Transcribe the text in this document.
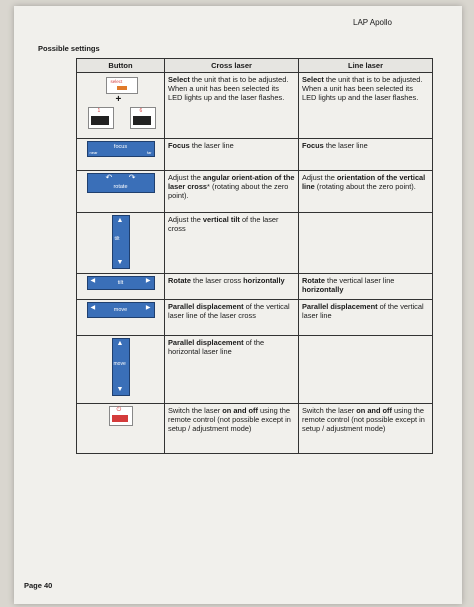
LAP Apollo
Possible settings
Button	Cross laser	Line laser

select
+
1 6	Select the unit that is to be adjusted. When a unit has been selected its LED lights up and the laser flashes.	Select the unit that is to be adjusted. When a unit has been selected its LED lights up and the laser flashes.

focus
near far	Focus the laser line	Focus the laser line

↶ ↷
rotate	Adjust the angular orient-ation of the laser cross* (rotating about the zero point).	Adjust the orientation of the vertical line (rotating about the zero point).

▲
tilt
▼	Adjust the vertical tilt of the laser cross	

◀ tilt ▶	Rotate the laser cross horizontally	Rotate the vertical laser line horizontally

◀ move ▶	Parallel displacement of the vertical laser line of the laser cross	Parallel displacement of the vertical laser line

▲
move
▼	Parallel displacement of the horizontal laser line	

⏻	Switch the laser on and off using the remote control (not possible except in setup / adjustment mode)	Switch the laser on and off using the remote control (not possible except in setup / adjustment mode)
Page 40
